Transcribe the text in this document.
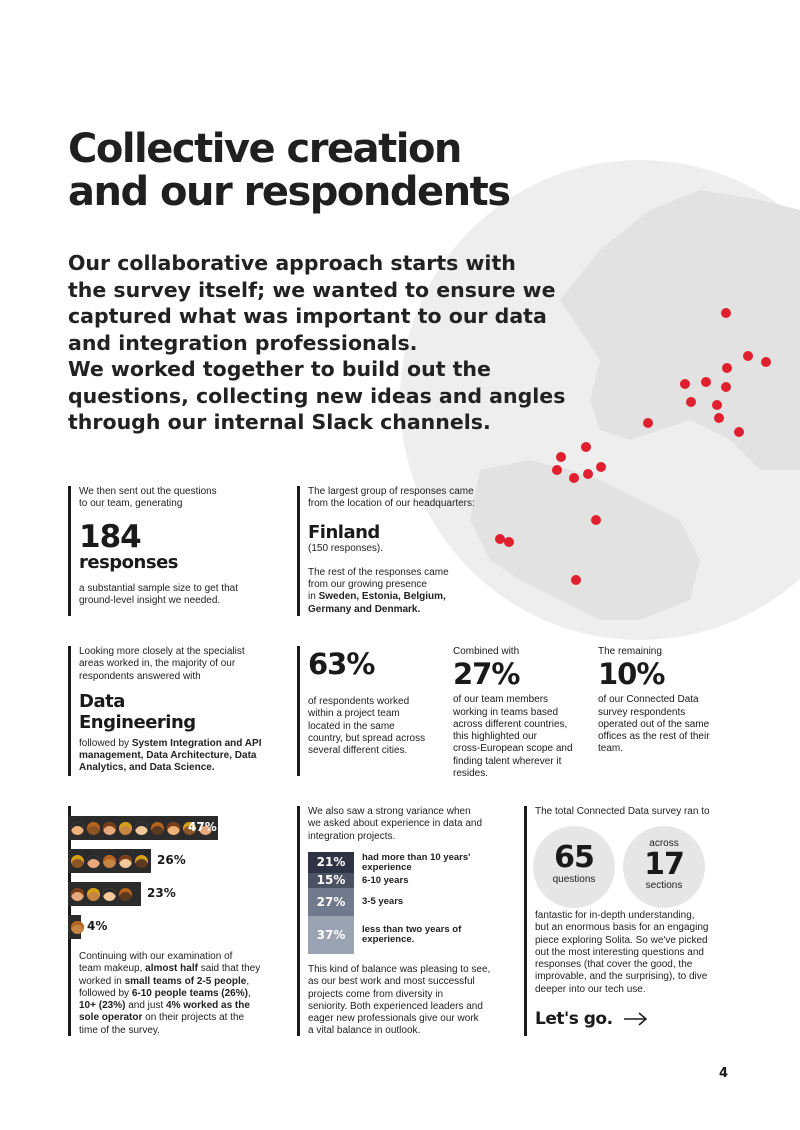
Collective creation
and our respondents
Our collaborative approach starts with
the survey itself; we wanted to ensure we
captured what was important to our data
and integration professionals.
We worked together to build out the
questions, collecting new ideas and angles
through our internal Slack channels.

We then sent out the questions

to our team, generating

184
responses

a substantial sample size to get that

ground-level insight we needed.

The largest group of responses came

from the location of our headquarters:

Finland

(150 responses).

The rest of the responses came

from our growing presence

in Sweden, Estonia, Belgium,

Germany and Denmark.

Looking more closely at the specialist

areas worked in, the majority of our

respondents answered with

Data
Engineering

followed by System Integration and API

management, Data Architecture, Data

Analytics, and Data Science.

63%

of respondents worked

within a project team

located in the same

country, but spread across

several different cities.

Combined with

27%

of our team members

working in teams based

across different countries,

this highlighted our

cross-European scope and

finding talent wherever it

resides.

The remaining

10%

of our Connected Data

survey respondents

operated out of the same

offices as the rest of their

team.

47%
26%
23%
4%

Continuing with our examination of

team makeup, almost half said that they

worked in small teams of 2-5 people,

followed by 6-10 people teams (26%),

10+ (23%) and just 4% worked as the

sole operator on their projects at the

time of the survey.

We also saw a strong variance when

we asked about experience in data and

integration projects.

21%	had more than 10 years' experience
15%	6-10 years
27%	3-5 years
37%	less than two years of experience.

This kind of balance was pleasing to see,

as our best work and most successful

projects come from diversity in

seniority. Both experienced leaders and

eager new professionals give our work

a vital balance in outlook.

The total Connected Data survey ran to

65
questions
across
17
sections

fantastic for in-depth understanding,

but an enormous basis for an engaging

piece exploring Solita. So we've picked

out the most interesting questions and

responses (that cover the good, the

improvable, and the surprising), to dive

deeper into our tech use.

Let's go.
4
